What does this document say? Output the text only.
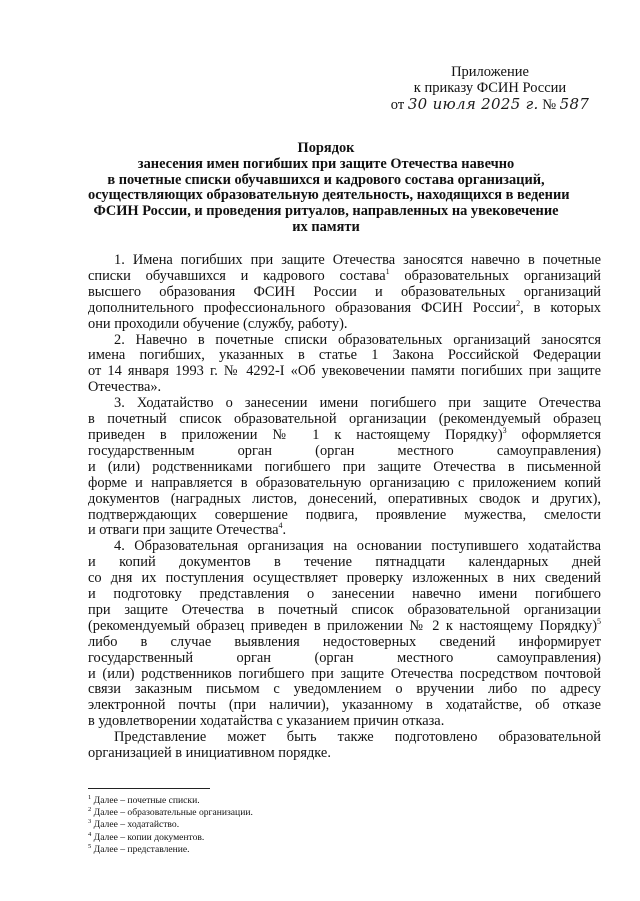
Приложение
к приказу ФСИН России
от 30 июля 2025 г. № 587
Порядок
занесения имен погибших при защите Отечества навечно
в почетные списки обучавшихся и кадрового состава организаций,
осуществляющих образовательную деятельность, находящихся в ведении
ФСИН России, и проведения ритуалов, направленных на увековечение
их памяти
1. Имена погибших при защите Отечества заносятся навечно в почетные
списки обучавшихся и кадрового состава$^1$ образовательных организаций
высшего образования ФСИН России и образовательных организаций
дополнительного профессионального образования ФСИН России$^2$, в которых
они проходили обучение (службу, работу).
2. Навечно в почетные списки образовательных организаций заносятся
имена погибших, указанных в статье 1 Закона Российской Федерации
от 14 января 1993 г. № 4292-I «Об увековечении памяти погибших при защите
Отечества».
3. Ходатайство о занесении имени погибшего при защите Отечества
в почетный список образовательной организации (рекомендуемый образец
приведен в приложении № 1 к настоящему Порядку)$^3$ оформляется
государственным орган (орган местного самоуправления)
и (или) родственниками погибшего при защите Отечества в письменной
форме и направляется в образовательную организацию с приложением копий
документов (наградных листов, донесений, оперативных сводок и других),
подтверждающих совершение подвига, проявление мужества, смелости
и отваги при защите Отечества$^4$.
4. Образовательная организация на основании поступившего ходатайства
и копий документов в течение пятнадцати календарных дней
со дня их поступления осуществляет проверку изложенных в них сведений
и подготовку представления о занесении навечно имени погибшего
при защите Отечества в почетный список образовательной организации
(рекомендуемый образец приведен в приложении № 2 к настоящему Порядку)$^5$
либо в случае выявления недостоверных сведений информирует
государственный орган (орган местного самоуправления)
и (или) родственников погибшего при защите Отечества посредством почтовой
связи заказным письмом с уведомлением о вручении либо по адресу
электронной почты (при наличии), указанному в ходатайстве, об отказе
в удовлетворении ходатайства с указанием причин отказа.
Представление может быть также подготовлено образовательной
организацией в инициативном порядке.
$^1$ Далее – почетные списки.
$^2$ Далее – образовательные организации.
$^3$ Далее – ходатайство.
$^4$ Далее – копии документов.
$^5$ Далее – представление.
